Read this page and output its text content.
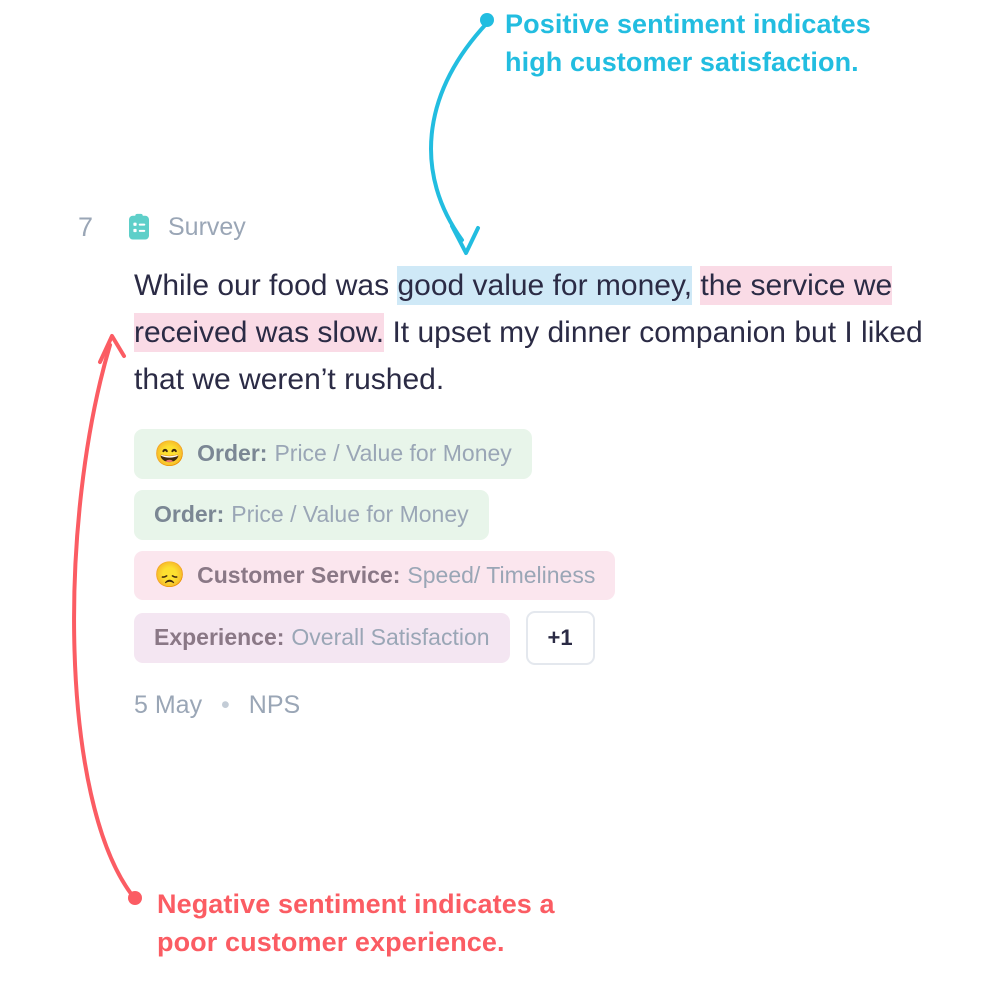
Positive sentiment indicates high customer satisfaction.
Negative sentiment indicates a poor customer experience.
7	Survey
While our food was good value for money, the service we received was slow. It upset my dinner companion but I liked that we weren’t rushed.
😄 Order: Price / Value for Money
Order: Price / Value for Money
😞 Customer Service: Speed/ Timeliness
Experience: Overall Satisfaction	+1
5 May • NPS
